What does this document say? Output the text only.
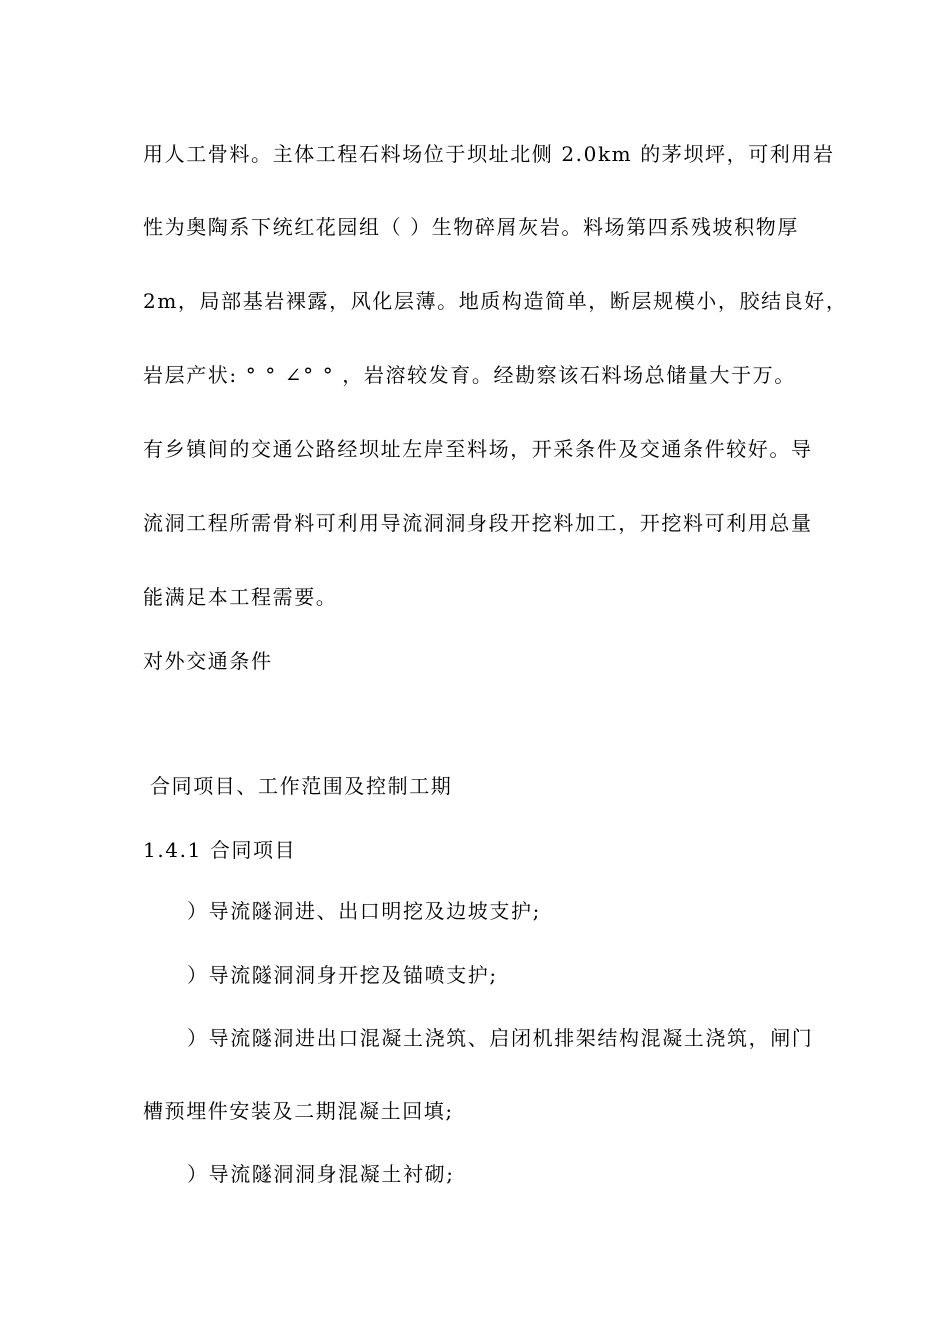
用人工骨料。主体工程石料场位于坝址北侧 2.0km 的茅坝坪，可利用岩
性为奥陶系下统红花园组（ ）生物碎屑灰岩。料场第四系残坡积物厚
2m，局部基岩裸露，风化层薄。地质构造简单，断层规模小，胶结良好，
岩层产状: ° ° ∠° ° ，岩溶较发育。经勘察该石料场总储量大于万。
有乡镇间的交通公路经坝址左岸至料场，开采条件及交通条件较好。导
流洞工程所需骨料可利用导流洞洞身段开挖料加工，开挖料可利用总量
能满足本工程需要。
对外交通条件
合同项目、工作范围及控制工期
1.4.1 合同项目
）导流隧洞进、出口明挖及边坡支护;
）导流隧洞洞身开挖及锚喷支护;
）导流隧洞进出口混凝土浇筑、启闭机排架结构混凝土浇筑，闸门
槽预埋件安装及二期混凝土回填;
）导流隧洞洞身混凝土衬砌;
